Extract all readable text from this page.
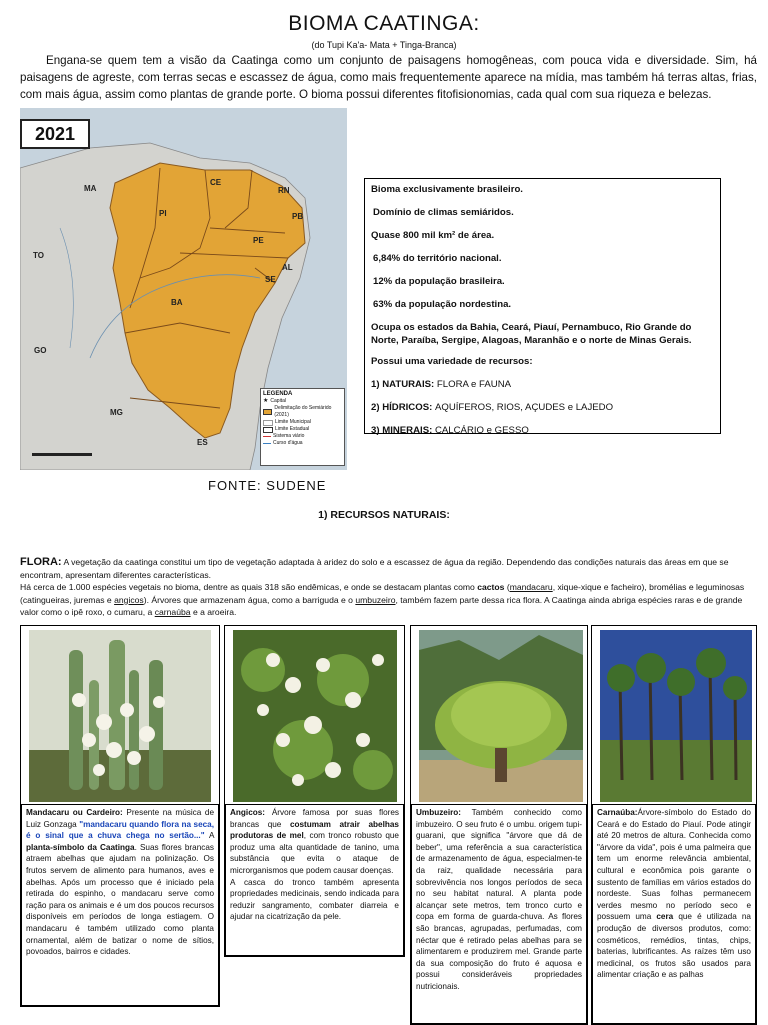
BIOMA CAATINGA:
(do Tupi Ka'a- Mata + Tinga-Branca)
Engana-se quem tem a visão da Caatinga como um conjunto de paisagens homogêneas, com pouca vida e diversidade. Sim, há paisagens de agreste, com terras secas e escassez de água, como mais frequentemente aparece na mídia, mas também há terras altas, frias, com mais água, assim como plantas de grande porte. O bioma possui diferentes fitofisionomias, cada qual com sua riqueza e belezas.
MA
CE
RN
PB
PI
PE
AL
SE
TO
BA
GO
MG
ES
2021
LEGENDA
★ Capital
Delimitação do Semiárido (2021)
Limite Municipal
Limite Estadual
Sistema viário
Curso d'água
FONTE: SUDENE

Bioma exclusivamente brasileiro.

Domínio de climas semiáridos.

Quase 800 mil km² de área.

6,84% do território nacional.

12% da população brasileira.

63% da população nordestina.

Ocupa os estados da Bahia, Ceará, Piauí, Pernambuco, Rio Grande do Norte, Paraíba, Sergipe, Alagoas, Maranhão e o norte de Minas Gerais.

Possui uma variedade de recursos:

1) NATURAIS: FLORA e FAUNA

2) HÍDRICOS: AQUÍFEROS, RIOS, AÇUDES e LAJEDO

3) MINERAIS: CALCÁRIO e GESSO

1) RECURSOS NATURAIS:
FLORA: A vegetação da caatinga constitui um tipo de vegetação adaptada à aridez do solo e a escassez de água da região. Dependendo das condições naturais das áreas em que se encontram, apresentam diferentes características.
Há cerca de 1.000 espécies vegetais no bioma, dentre as quais 318 são endêmicas, e onde se destacam plantas como cactos (mandacaru, xique-xique e facheiro), bromélias e leguminosas (catingueiras, juremas e angicos). Árvores que armazenam água, como a barriguda e o umbuzeiro, também fazem parte dessa rica flora. A Caatinga ainda abriga espécies raras e de grande valor como o ipê roxo, o cumaru, a carnaúba e a aroeira.
Mandacaru ou Cardeiro: Presente na música de Luiz Gonzaga "mandacaru quando flora na seca, é o sinal que a chuva chega no sertão..." A planta-símbolo da Caatinga. Suas flores brancas atraem abelhas que ajudam na polinização. Os frutos servem de alimento para humanos, aves e abelhas. Após um processo que é iniciado pela retirada do espinho, o mandacaru serve como ração para os animais e é um dos poucos recursos disponíveis em períodos de longa estiagem. O mandacaru é também utilizado como planta ornamental, além de batizar o nome de sítios, povoados, bairros e cidades.
Angicos: Árvore famosa por suas flores brancas que costumam atrair abelhas produtoras de mel, com tronco robusto que produz uma alta quantidade de tanino, uma substância que evita o ataque de microrganismos que podem causar doenças.
A casca do tronco também apresenta propriedades medicinais, sendo indicada para reduzir sangramento, combater diarreia e ajudar na cicatrização da pele.
Umbuzeiro: Também conhecido como imbuzeiro. O seu fruto é o umbu. origem tupi-guarani, que significa "árvore que dá de beber", uma referência a sua característica de armazenamento de água, especialmen-te da raiz, qualidade necessária para sobrevivência nos longos períodos de seca no seu habitat natural. A planta pode alcançar sete metros, tem tronco curto e copa em forma de guarda-chuva. As flores são brancas, agrupadas, perfumadas, com néctar que é retirado pelas abelhas para se alimentarem e produzirem mel. Grande parte da sua composição do fruto é aquosa e possui consideráveis propriedades nutricionais.
Carnaúba:Árvore-símbolo do Estado do Ceará e do Estado do Piauí. Pode atingir até 20 metros de altura. Conhecida como "árvore da vida", pois é uma palmeira que tem um enorme relevância ambiental, cultural e econômica pois garante o sustento de famílias em vários estados do nordeste. Suas folhas permanecem verdes mesmo no período seco e possuem uma cera que é utilizada na produção de diversos produtos, como: cosméticos, remédios, tintas, chips, baterias, lubrificantes. As raízes têm uso medicinal, os frutos são usados para alimentar criação e as palhas
